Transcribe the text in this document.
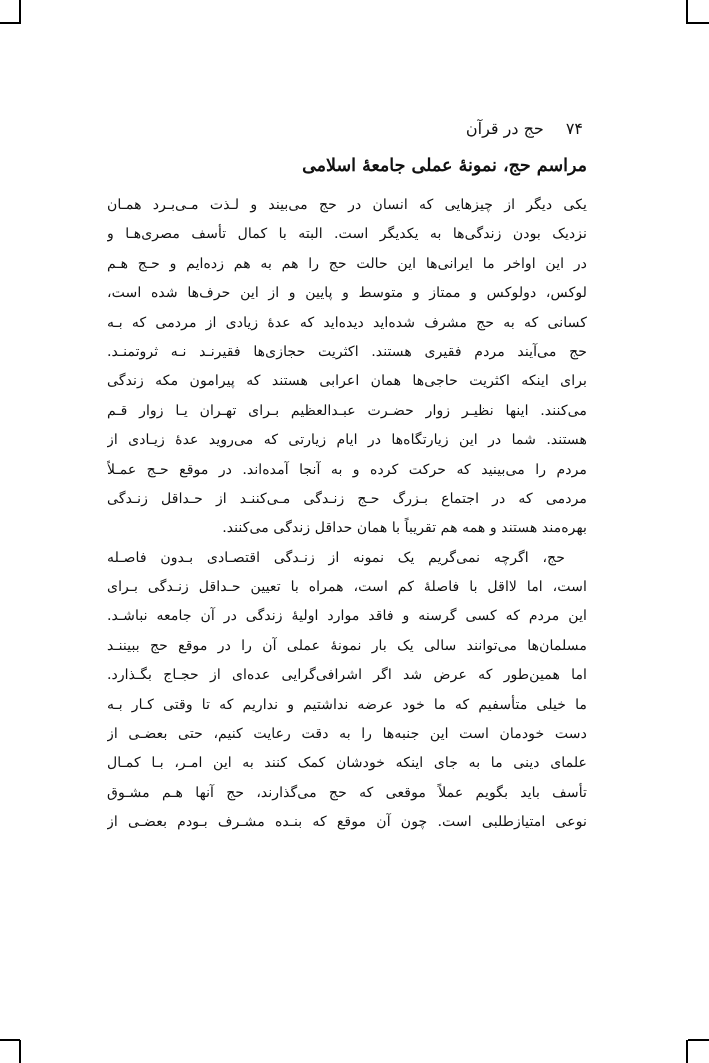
۷۴
حج در قرآن
مراسم حج، نمونۀ عملی جامعۀ اسلامی
یکی دیگر از چیزهایی که انسان در حج می‌بیند و لـذت مـی‌بـرد همـان
نزدیک بودن زندگی‌ها به یکدیگر است. البته با کمال تأسف مصری‌هـا و
در این اواخر ما ایرانی‌ها این حالت حج را هم به هم زده‌ایم و حـج هـم
لوکس، دولوکس و ممتاز و متوسط و پایین و از این حرف‌ها شده است،
کسانی که به حج مشرف شده‌اید دیده‌اید که عدۀ زیادی از مردمی که بـه
حج می‌آیند مردم فقیری هستند. اکثریت حجازی‌ها فقیرنـد نـه ثروتمنـد.
برای اینکه اکثریت حاجی‌ها همان اعرابی هستند که پیرامون مکه زندگی
می‌کنند. اینها نظیـر زوار حضـرت عبـدالعظیم بـرای تهـران یـا زوار قـم
هستند. شما در این زیارتگاه‌ها در ایام زیارتی که می‌روید عدۀ زیـادی از
مردم را می‌بینید که حرکت کرده و به آنجا آمده‌اند. در موقع حـج عمـلاً
مردمی که در اجتماع بـزرگ حـج زنـدگی مـی‌کننـد از حـداقل زنـدگی
بهره‌مند هستند و همه هم تقریباً با همان حداقل زندگی می‌کنند.
حج، اگرچه نمی‌گریم یک نمونه از زنـدگی اقتصـادی بـدون فاصـله
است، اما لااقل با فاصلۀ کم است، همراه با تعیین حـداقل زنـدگی بـرای
این مردم که کسی گرسنه و فاقد موارد اولیۀ زندگی در آن جامعه نباشـد.
مسلمان‌ها می‌توانند سالی یک بار نمونۀ عملی آن را در موقع حج ببیننـد
اما همین‌طور که عرض شد اگر اشرافی‌گرایی عده‌ای از حجـاج بگـذارد.
ما خیلی متأسفیم که ما خود عرضه نداشتیم و نداریم که تا وقتی کـار بـه
دست خودمان است این جنبه‌ها را به دقت رعایت کنیم، حتی بعضـی از
علمای دینی ما به جای اینکه خودشان کمک کنند به این امـر، بـا کمـال
تأسف باید بگویم عملاً موقعی که حج می‌گذارند، حج آنها هـم مشـوق
نوعی امتیازطلبی است. چون آن موقع که بنـده مشـرف بـودم بعضـی از
